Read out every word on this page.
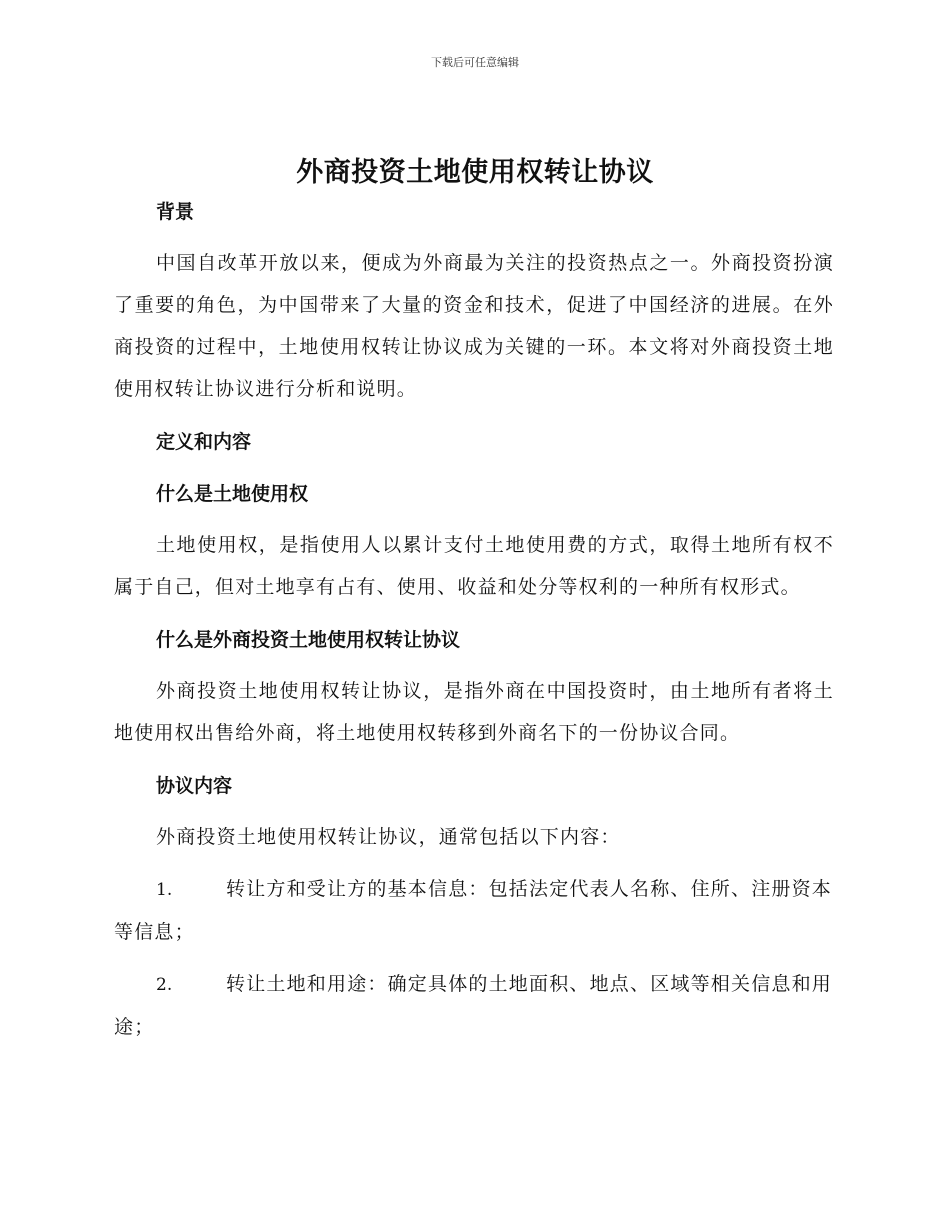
下载后可任意编辑
外商投资土地使用权转让协议
背景

中国自改革开放以来，便成为外商最为关注的投资热点之一。外商投资扮演了重要的角色，为中国带来了大量的资金和技术，促进了中国经济的进展。在外商投资的过程中，土地使用权转让协议成为关键的一环。本文将对外商投资土地使用权转让协议进行分析和说明。

定义和内容
什么是土地使用权

土地使用权，是指使用人以累计支付土地使用费的方式，取得土地所有权不属于自己，但对土地享有占有、使用、收益和处分等权利的一种所有权形式。

什么是外商投资土地使用权转让协议

外商投资土地使用权转让协议，是指外商在中国投资时，由土地所有者将土地使用权出售给外商，将土地使用权转移到外商名下的一份协议合同。

协议内容

外商投资土地使用权转让协议，通常包括以下内容：

1.	转让方和受让方的基本信息：包括法定代表人名称、住所、注册资本等信息；
2.	转让土地和用途：确定具体的土地面积、地点、区域等相关信息和用途；
